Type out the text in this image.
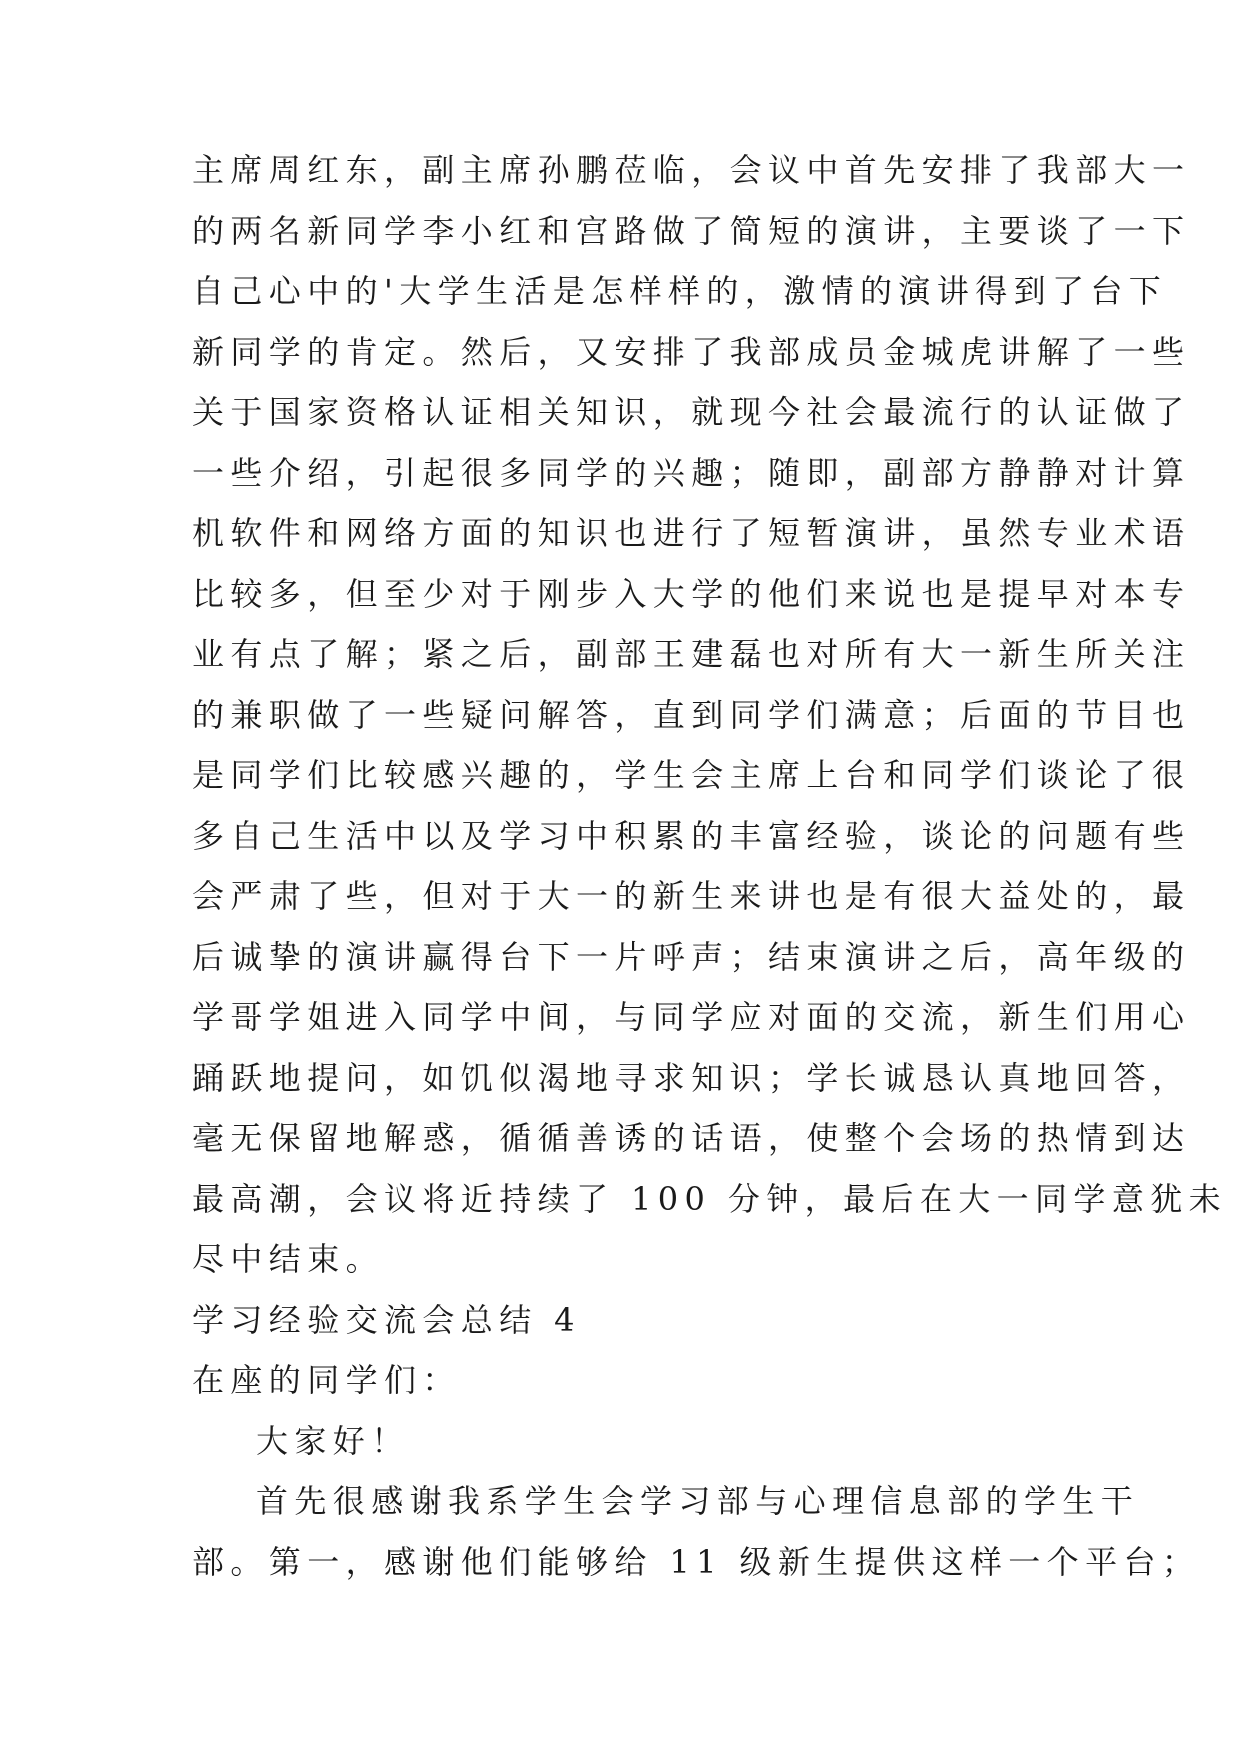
主席周红东，副主席孙鹏莅临，会议中首先安排了我部大一
的两名新同学李小红和宫路做了简短的演讲，主要谈了一下
自己心中的'大学生活是怎样样的，激情的演讲得到了台下
新同学的肯定。然后，又安排了我部成员金城虎讲解了一些
关于国家资格认证相关知识，就现今社会最流行的认证做了
一些介绍，引起很多同学的兴趣；随即，副部方静静对计算
机软件和网络方面的知识也进行了短暂演讲，虽然专业术语
比较多，但至少对于刚步入大学的他们来说也是提早对本专
业有点了解；紧之后，副部王建磊也对所有大一新生所关注
的兼职做了一些疑问解答，直到同学们满意；后面的节目也
是同学们比较感兴趣的，学生会主席上台和同学们谈论了很
多自己生活中以及学习中积累的丰富经验，谈论的问题有些
会严肃了些，但对于大一的新生来讲也是有很大益处的，最
后诚挚的演讲赢得台下一片呼声；结束演讲之后，高年级的
学哥学姐进入同学中间，与同学应对面的交流，新生们用心
踊跃地提问，如饥似渴地寻求知识；学长诚恳认真地回答，
毫无保留地解惑，循循善诱的话语，使整个会场的热情到达
最高潮，会议将近持续了 100 分钟，最后在大一同学意犹未
尽中结束。
学习经验交流会总结 4
在座的同学们：
大家好！
首先很感谢我系学生会学习部与心理信息部的学生干
部。第一，感谢他们能够给 11 级新生提供这样一个平台；
